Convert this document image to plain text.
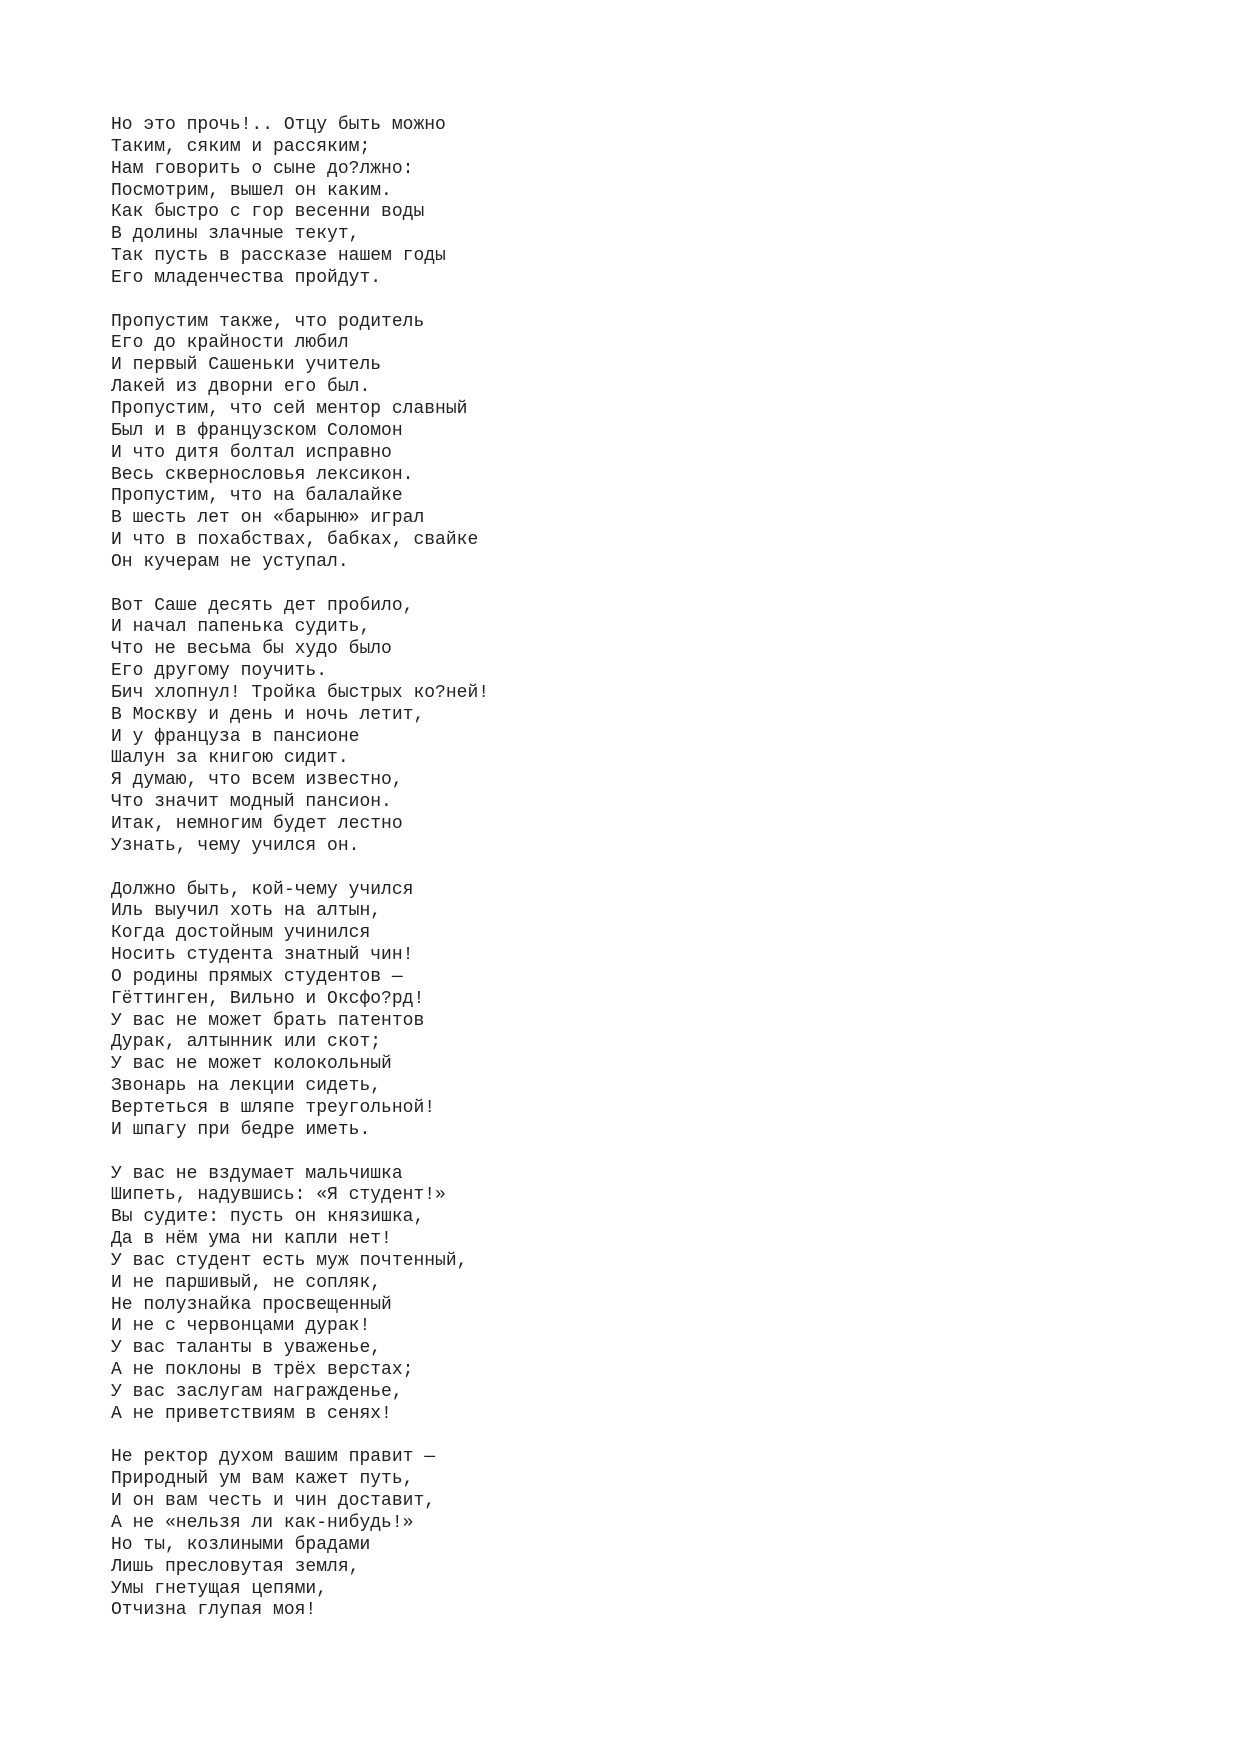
Но это прочь!.. Отцу быть можно
Таким, сяким и рассяким;
Нам говорить о сыне до?лжно:
Посмотрим, вышел он каким.
Как быстро с гор весенни воды
В долины злачные текут,
Так пусть в рассказе нашем годы
Его младенчества пройдут.
Пропустим также, что родитель
Его до крайности любил
И первый Сашеньки учитель
Лакей из дворни его был.
Пропустим, что сей ментор славный
Был и в французском Соломон
И что дитя болтал исправно
Весь сквернословья лексикон.
Пропустим, что на балалайке
В шесть лет он «барыню» играл
И что в похабствах, бабках, свайке
Он кучерам не уступал.
Вот Саше десять дет пробило,
И начал папенька судить,
Что не весьма бы худо было
Его другому поучить.
Бич хлопнул! Тройка быстрых ко?ней!
В Москву и день и ночь летит,
И у француза в пансионе
Шалун за книгою сидит.
Я думаю, что всем известно,
Что значит модный пансион.
Итак, немногим будет лестно
Узнать, чему учился он.
Должно быть, кой-чему учился
Иль выучил хоть на алтын,
Когда достойным учинился
Носить студента знатный чин!
О родины прямых студентов —
Гёттинген, Вильно и Оксфо?рд!
У вас не может брать патентов
Дурак, алтынник или скот;
У вас не может колокольный
Звонарь на лекции сидеть,
Вертеться в шляпе треугольной!
И шпагу при бедре иметь.
У вас не вздумает мальчишка
Шипеть, надувшись: «Я студент!»
Вы судите: пусть он князишка,
Да в нём ума ни капли нет!
У вас студент есть муж почтенный,
И не паршивый, не сопляк,
Не полузнайка просвещенный
И не с червонцами дурак!
У вас таланты в уваженье,
А не поклоны в трёх верстах;
У вас заслугам награжденье,
А не приветствиям в сенях!
Не ректор духом вашим правит —
Природный ум вам кажет путь,
И он вам честь и чин доставит,
А не «нельзя ли как-нибудь!»
Но ты, козлиными брадами
Лишь пресловутая земля,
Умы гнетущая цепями,
Отчизна глупая моя!
